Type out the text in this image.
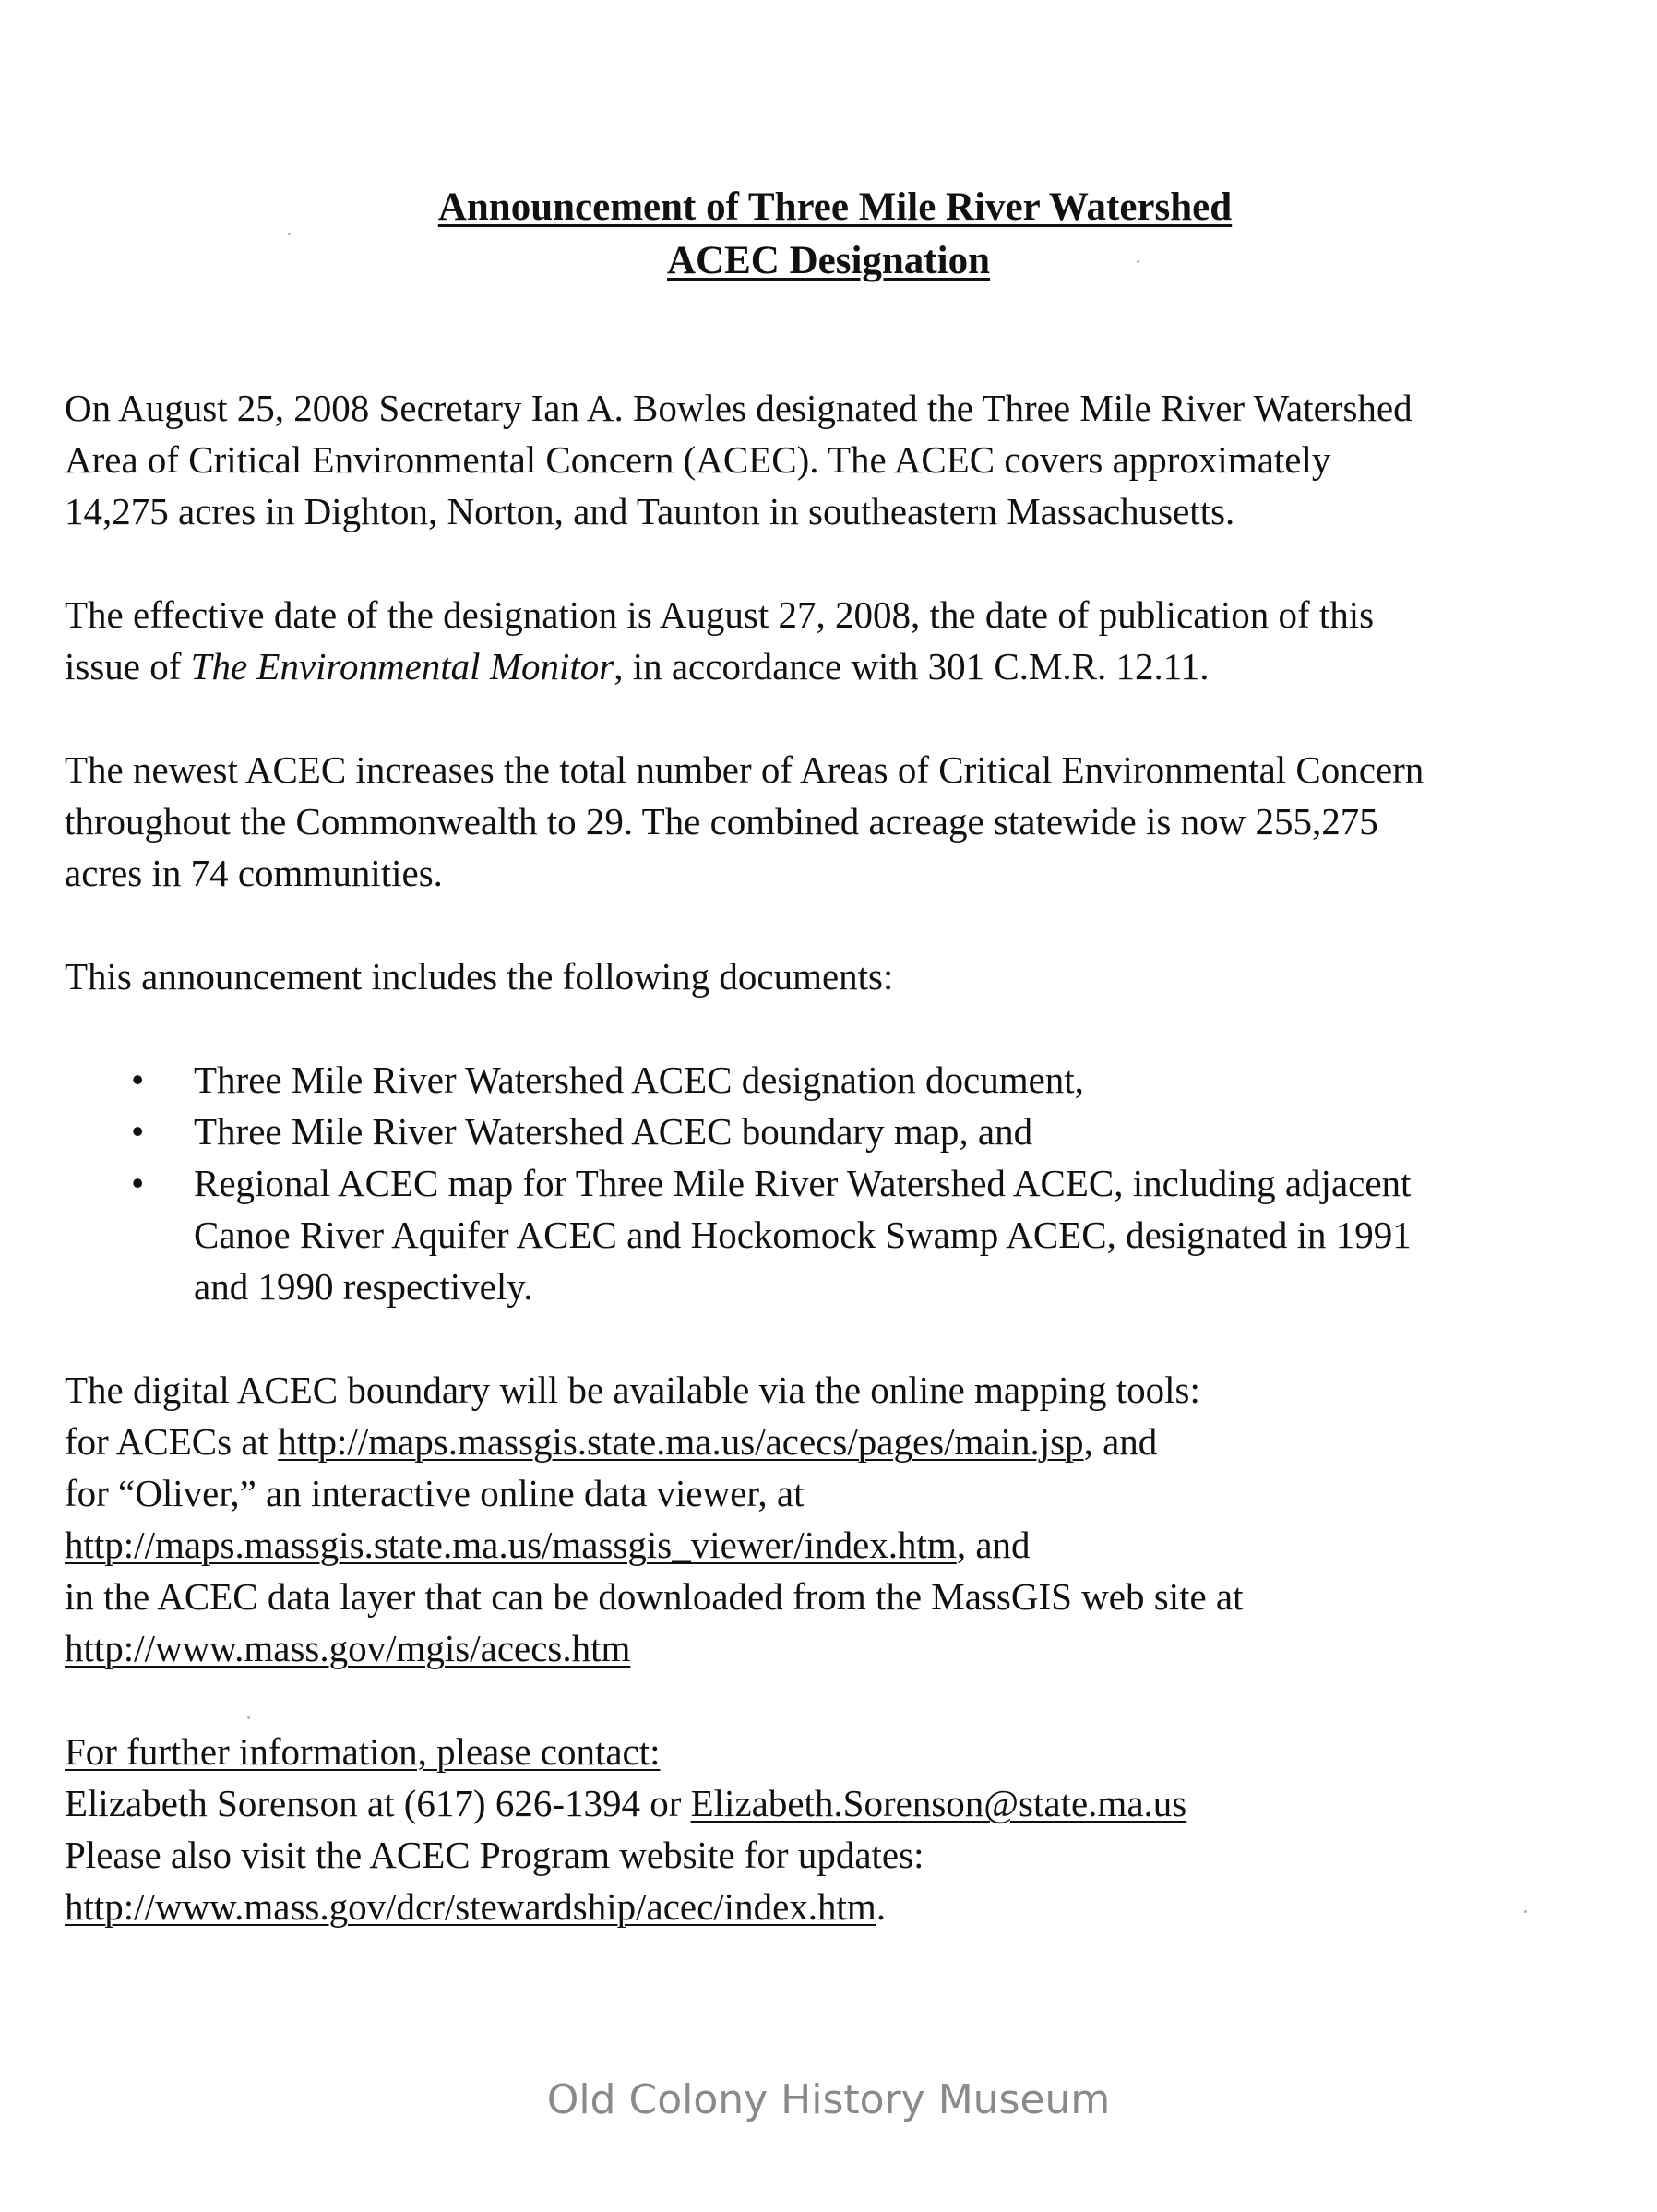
Announcement of Three Mile River Watershed
ACEC Designation

On August 25, 2008 Secretary Ian A. Bowles designated the Three Mile River Watershed
Area of Critical Environmental Concern (ACEC). The ACEC covers approximately
14,275 acres in Dighton, Norton, and Taunton in southeastern Massachusetts.

The effective date of the designation is August 27, 2008, the date of publication of this
issue of The Environmental Monitor, in accordance with 301 C.M.R. 12.11.

The newest ACEC increases the total number of Areas of Critical Environmental Concern
throughout the Commonwealth to 29. The combined acreage statewide is now 255,275
acres in 74 communities.

This announcement includes the following documents:

• Three Mile River Watershed ACEC designation document,
• Three Mile River Watershed ACEC boundary map, and
• Regional ACEC map for Three Mile River Watershed ACEC, including adjacent
Canoe River Aquifer ACEC and Hockomock Swamp ACEC, designated in 1991
and 1990 respectively.

The digital ACEC boundary will be available via the online mapping tools:
for ACECs at http://maps.massgis.state.ma.us/acecs/pages/main.jsp, and
for “Oliver,” an interactive online data viewer, at
http://maps.massgis.state.ma.us/massgis_viewer/index.htm, and
in the ACEC data layer that can be downloaded from the MassGIS web site at
http://www.mass.gov/mgis/acecs.htm

For further information, please contact:
Elizabeth Sorenson at (617) 626-1394 or Elizabeth.Sorenson@state.ma.us
Please also visit the ACEC Program website for updates:
http://www.mass.gov/dcr/stewardship/acec/index.htm.

Old Colony History Museum
